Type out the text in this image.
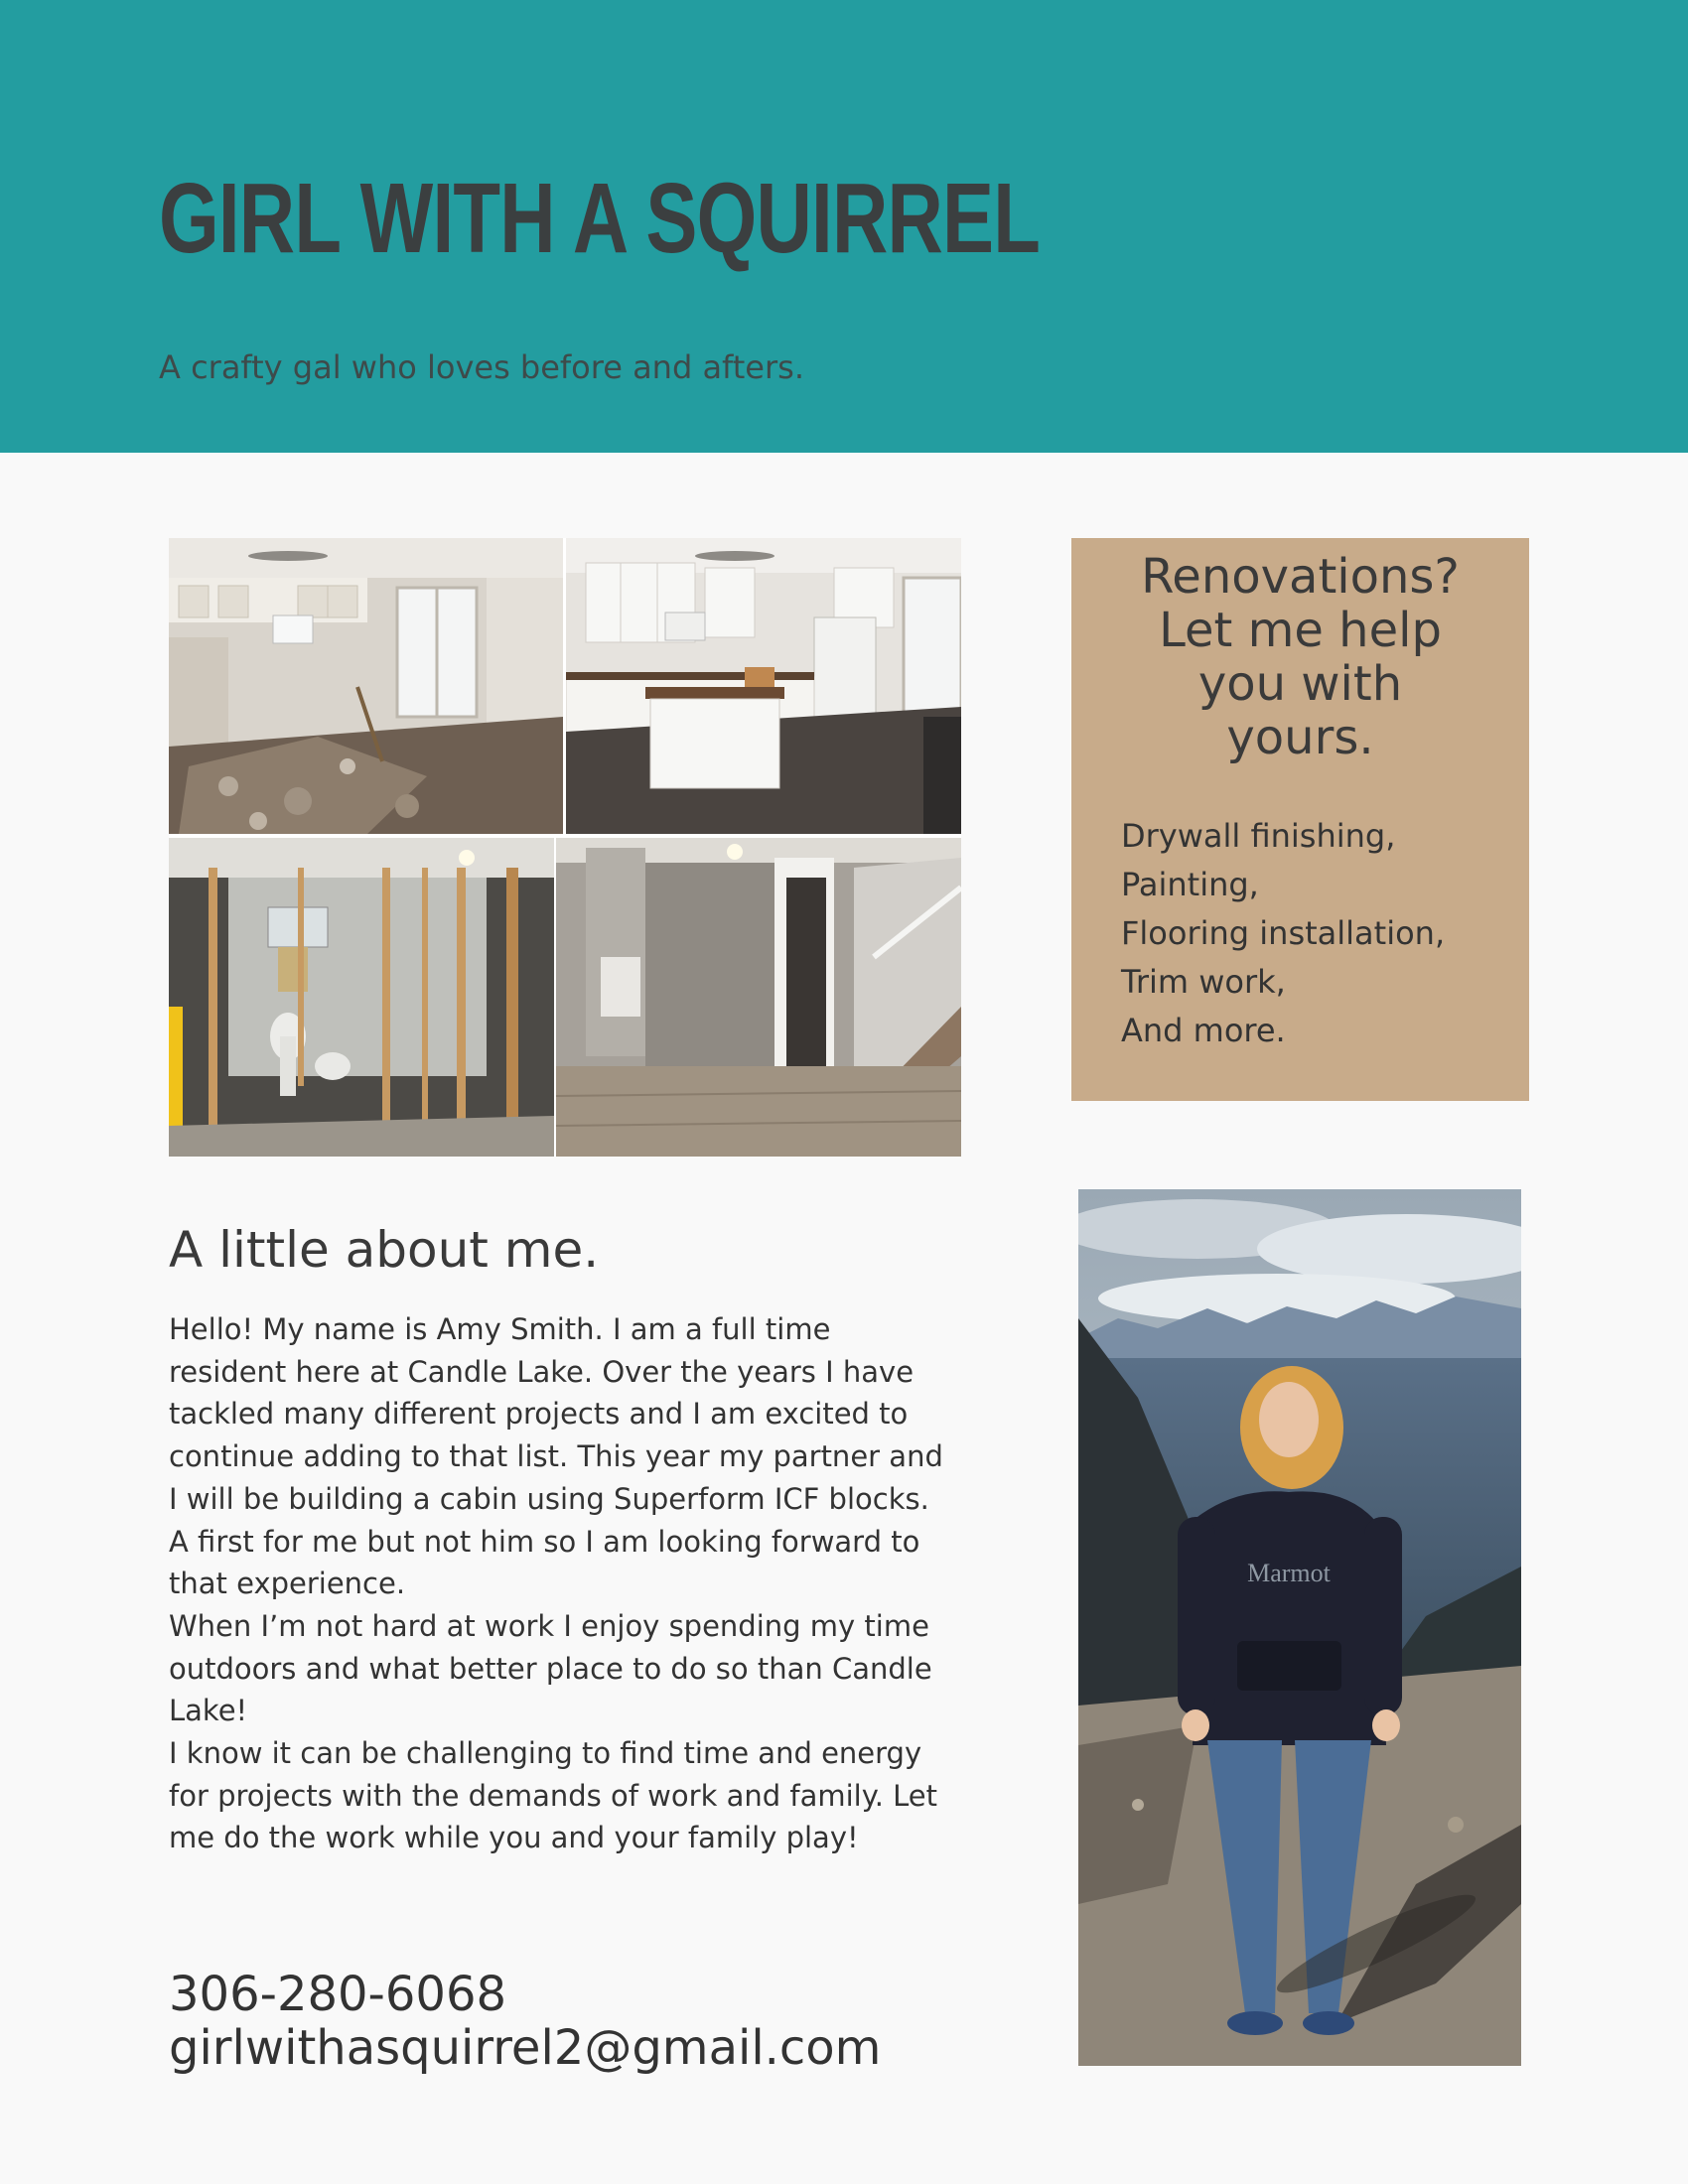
GIRL WITH A SQUIRREL

A crafty gal who loves before and afters.

Renovations?
Let me help
you with
yours.
Drywall finishing,
Painting,
Flooring installation,
Trim work,
And more.
A little about me.

Hello! My name is Amy Smith. I am a full time resident here at Candle Lake. Over the years I have tackled many different projects and I am excited to continue adding to that list. This year my partner and I will be building a cabin using Superform ICF blocks. A first for me but not him so I am looking forward to that experience.

When I’m not hard at work I enjoy spending my time outdoors and what better place to do so than Candle Lake!

I know it can be challenging to find time and energy for projects with the demands of work and family. Let me do the work while you and your family play!

306-280-6068
girlwithasquirrel2@gmail.com
Marmot
